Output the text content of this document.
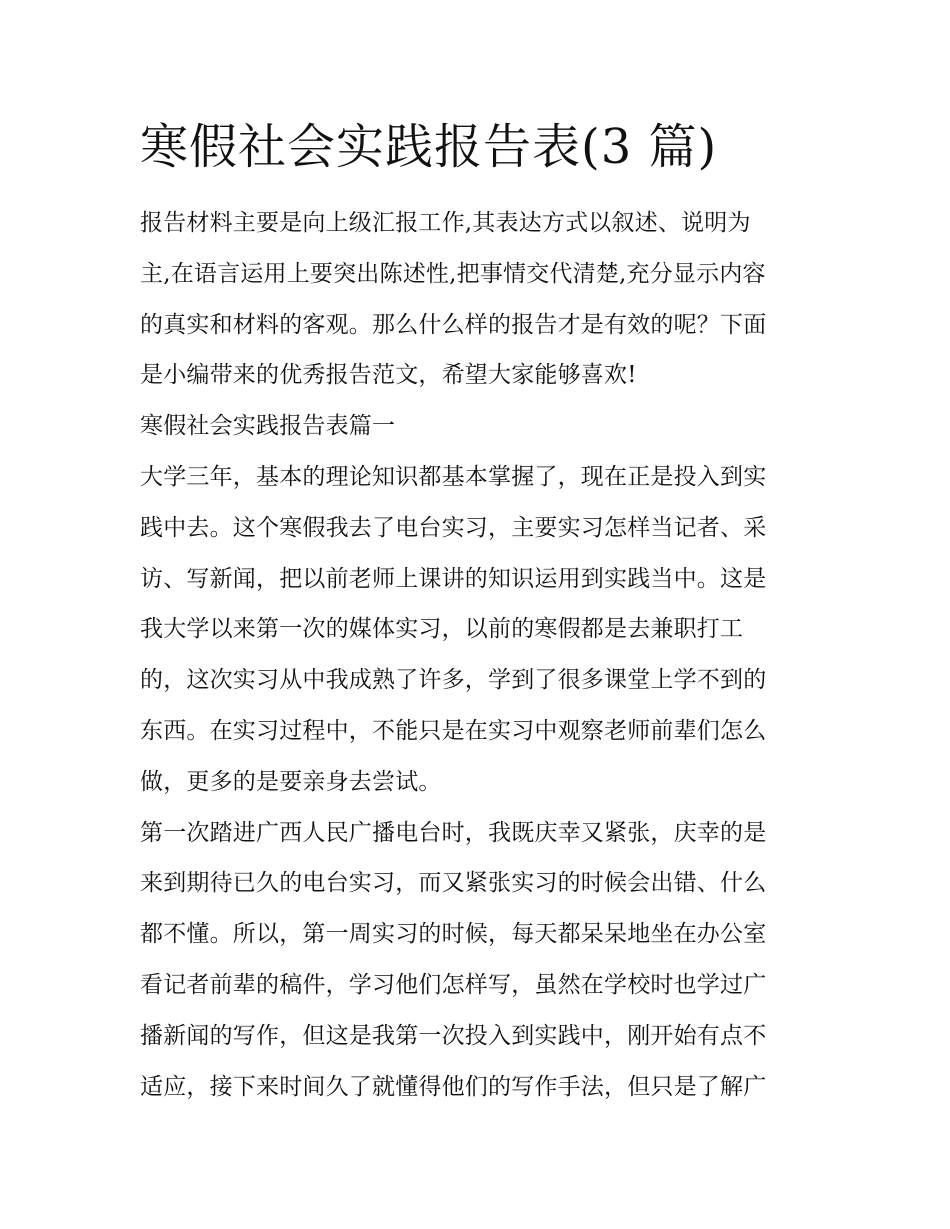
寒假社会实践报告表(3 篇)
报告材料主要是向上级汇报工作,其表达方式以叙述、说明为
主,在语言运用上要突出陈述性,把事情交代清楚,充分显示内容
的真实和材料的客观。那么什么样的报告才是有效的呢？下面
是小编带来的优秀报告范文，希望大家能够喜欢!
寒假社会实践报告表篇一
大学三年，基本的理论知识都基本掌握了，现在正是投入到实
践中去。这个寒假我去了电台实习，主要实习怎样当记者、采
访、写新闻，把以前老师上课讲的知识运用到实践当中。这是
我大学以来第一次的媒体实习，以前的寒假都是去兼职打工
的，这次实习从中我成熟了许多，学到了很多课堂上学不到的
东西。在实习过程中，不能只是在实习中观察老师前辈们怎么
做，更多的是要亲身去尝试。
第一次踏进广西人民广播电台时，我既庆幸又紧张，庆幸的是
来到期待已久的电台实习，而又紧张实习的时候会出错、什么
都不懂。所以，第一周实习的时候，每天都呆呆地坐在办公室
看记者前辈的稿件，学习他们怎样写，虽然在学校时也学过广
播新闻的写作，但这是我第一次投入到实践中，刚开始有点不
适应，接下来时间久了就懂得他们的写作手法，但只是了解广
